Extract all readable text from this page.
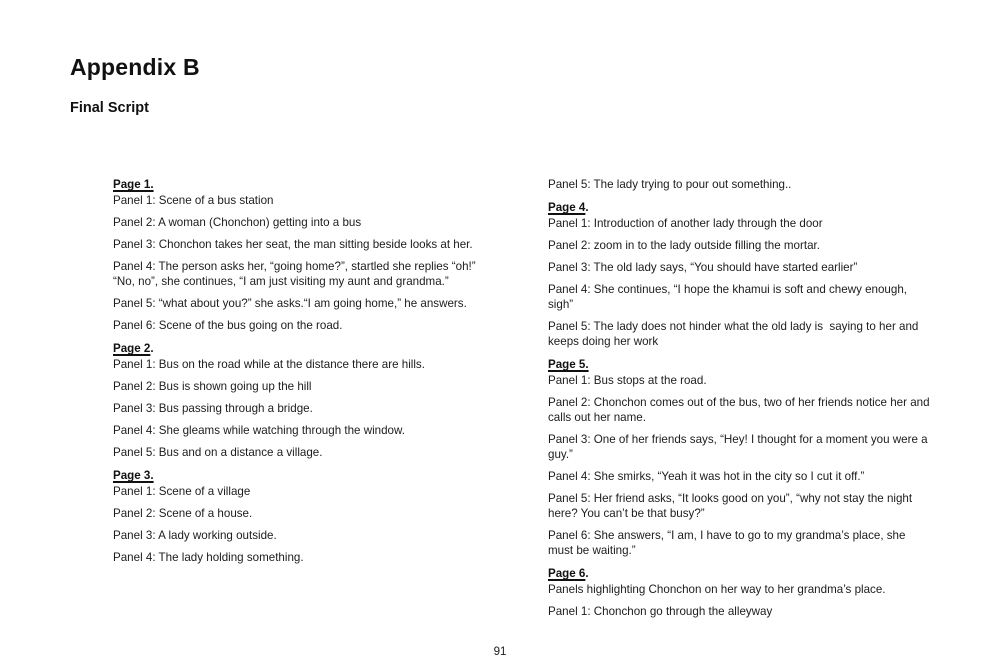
Appendix B
Final Script
Page 1.

Panel 1: Scene of a bus station

Panel 2: A woman (Chonchon) getting into a bus

Panel 3: Chonchon takes her seat, the man sitting beside looks at her.

Panel 4: The person asks her, “going home?”, startled she replies “oh!” “No, no”, she continues, “I am just visiting my aunt and grandma.”

Panel 5: “what about you?” she asks.“I am going home,” he answers.

Panel 6: Scene of the bus going on the road.

Page 2.

Panel 1: Bus on the road while at the distance there are hills.

Panel 2: Bus is shown going up the hill

Panel 3: Bus passing through a bridge.

Panel 4: She gleams while watching through the window.

Panel 5: Bus and on a distance a village.

Page 3.

Panel 1: Scene of a village

Panel 2: Scene of a house.

Panel 3: A lady working outside.

Panel 4: The lady holding something.

Panel 5: The lady trying to pour out something..

Page 4.

Panel 1: Introduction of another lady through the door

Panel 2: zoom in to the lady outside filling the mortar.

Panel 3: The old lady says, “You should have started earlier”

Panel 4: She continues, “I hope the khamui is soft and chewy enough, sigh”

Panel 5: The lady does not hinder what the old lady is  saying to her and keeps doing her work

Page 5.

Panel 1: Bus stops at the road.

Panel 2: Chonchon comes out of the bus, two of her friends notice her and calls out her name.

Panel 3: One of her friends says, “Hey! I thought for a moment you were a guy.”

Panel 4: She smirks, “Yeah it was hot in the city so I cut it off.”

Panel 5: Her friend asks, “It looks good on you”, “why not stay the night here? You can’t be that busy?”

Panel 6: She answers, “I am, I have to go to my grandma’s place, she must be waiting.”

Page 6.

Panels highlighting Chonchon on her way to her grandma’s place.

Panel 1: Chonchon go through the alleyway

91
